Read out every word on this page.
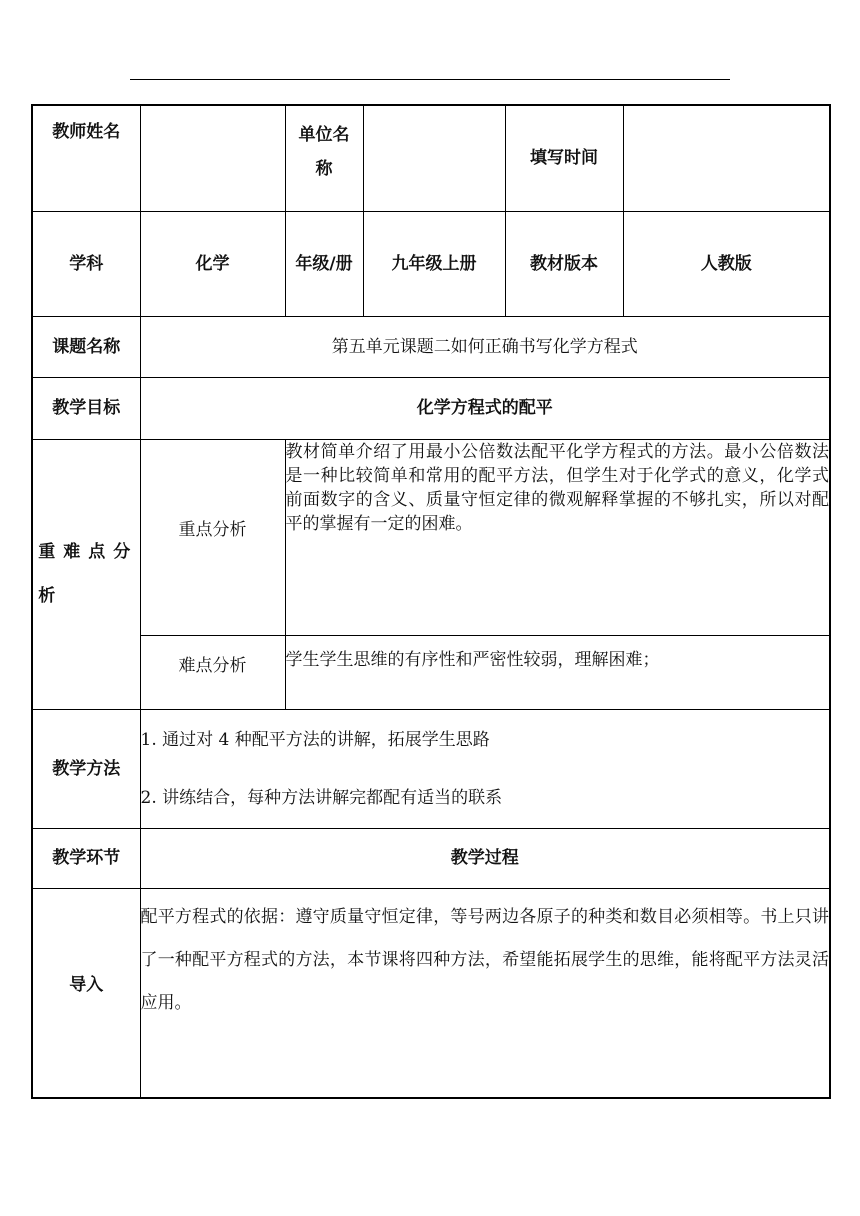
教师姓名		单位名称		填写时间	
学科	化学	年级/册	九年级上册	教材版本	人教版
课题名称	第五单元课题二如何正确书写化学方程式				
教学目标	化学方程式的配平				

重难点分析	重点分析	教材简单介绍了用最小公倍数法配平化学方程式的方法。最小公倍数法是一种比较简单和常用的配平方法，但学生对于化学式的意义，化学式前面数字的含义、质量守恒定律的微观解释掌握的不够扎实，所以对配平的掌握有一定的困难。			
	难点分析	学生学生思维的有序性和严密性较弱，理解困难；			
教学方法	1. 通过对 4 种配平方法的讲解，拓展学生思路
2. 讲练结合，每种方法讲解完都配有适当的联系				

教学环节	教学过程				
导入	配平方程式的依据：遵守质量守恒定律，等号两边各原子的种类和数目必须相等。书上只讲了一种配平方程式的方法，本节课将四种方法，希望能拓展学生的思维，能将配平方法灵活应用。				
